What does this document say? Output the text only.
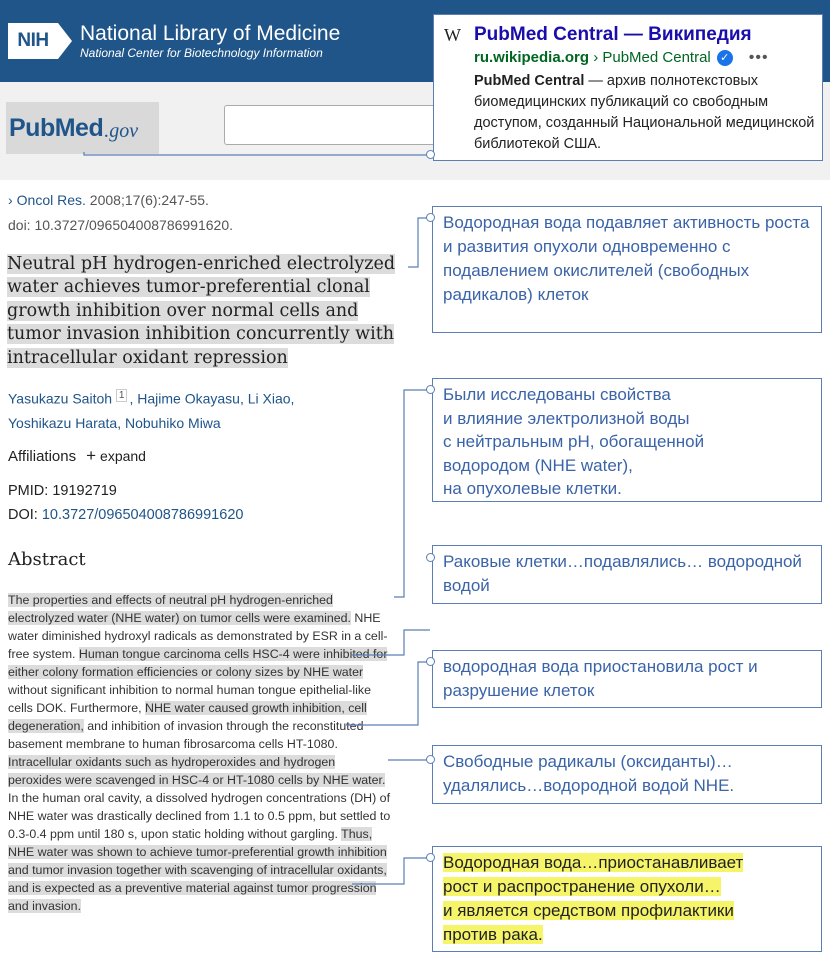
NIH	National Library of Medicine
National Center for Biotechnology Information
PubMed .gov
W PubMed Central — Википедия
ru.wikipedia.org
› PubMed Central ✓ •••
PubMed Central — архив полнотекстовых биомедицинских публикаций со свободным доступом, созданный Национальной медицинской библиотекой США.
› Oncol Res. 2008;17(6):247-55.
doi: 10.3727/096504008786991620.
Neutral pH hydrogen-enriched electrolyzed water achieves tumor-preferential clonal growth inhibition over normal cells and tumor invasion inhibition concurrently with intracellular oxidant repression
Yasukazu Saitoh $^1$ , Hajime Okayasu, Li Xiao, Yoshikazu Harata, Nobuhiko Miwa
Affiliations + expand
PMID: 19192719
DOI: 10.3727/096504008786991620
Abstract
The properties and effects of neutral pH hydrogen-enriched electrolyzed water (NHE water) on tumor cells were examined. NHE water diminished hydroxyl radicals as demonstrated by ESR in a cell-free system. Human tongue carcinoma cells HSC-4 were inhibited for either colony formation efficiencies or colony sizes by NHE water without significant inhibition to normal human tongue epithelial-like cells DOK. Furthermore, NHE water caused growth inhibition, cell degeneration, and inhibition of invasion through the reconstituted basement membrane to human fibrosarcoma cells HT-1080. Intracellular oxidants such as hydroperoxides and hydrogen peroxides were scavenged in HSC-4 or HT-1080 cells by NHE water. In the human oral cavity, a dissolved hydrogen concentrations (DH) of NHE water was drastically declined from 1.1 to 0.5 ppm, but settled to 0.3-0.4 ppm until 180 s, upon static holding without gargling. Thus, NHE water was shown to achieve tumor-preferential growth inhibition and tumor invasion together with scavenging of intracellular oxidants, and is expected as a preventive material against tumor progression and invasion.
Водородная вода подавляет активность роста и развития опухоли одновременно с подавлением окислителей (свободных радикалов) клеток
Были исследованы свойства
и влияние электролизной воды
с нейтральным pH, обогащенной
водородом (NHE water),
на опухолевые клетки.
Раковые клетки…подавлялись… водородной водой
водородная вода приостановила рост и разрушение клеток
Свободные радикалы (оксиданты)… удалялись…водородной водой NHE.
Водородная вода…приостанавливает
рост и распространение опухоли…
и является средством профилактики
против рака.
